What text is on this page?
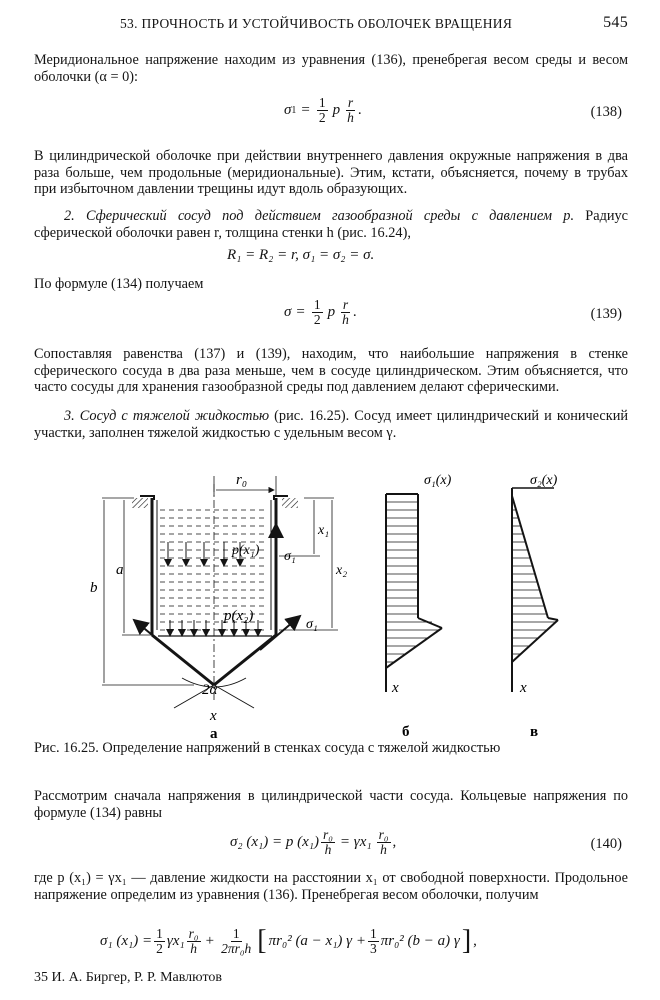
53. ПРОЧНОСТЬ И УСТОЙЧИВОСТЬ ОБОЛОЧЕК ВРАЩЕНИЯ	545

Меридиональное напряжение находим из уравнения (136), пренебрегая весом среды и весом оболочки (α = 0):

σ $1 = \frac{1}{2}$ p $\frac{r}{h}$ .	(138)

В цилиндрической оболочке при действии внутреннего давления окружные напряжения в два раза больше, чем продольные (меридиональные). Этим, кстати, объясняется, почему в трубах при избыточном давлении трещины идут вдоль образующих.

2. Сферический сосуд под действием газообразной среды с давлением p. Радиус сферической оболочки равен r, толщина стенки h (рис. 16.24),

R₁ = R₂ = r, σ₁ = σ₂ = σ.

По формуле (134) получаем

$\sigma = \frac{1}{2}$ p $\frac{r}{h}$ .	(139)

Сопоставляя равенства (137) и (139), находим, что наибольшие напряжения в стенке сферического сосуда в два раза меньше, чем в сосуде цилиндрическом. Этим объясняется, что часто сосуды для хранения газообразной среды под давлением делают сферическими.

3. Сосуд с тяжелой жидкостью (рис. 16.25). Сосуд имеет цилиндрический и конический участки, заполнен тяжелой жидкостью с удельным весом γ.

r₀
a
b
x₁
x₂
p(x₁)
p(x₂)
σ₁
σ₁
2α
x
а
σ₁(x)
x
б
σ₂(x)
x
в
Рис. 16.25. Определение напряжений в стенках сосуда с тяжелой жидкостью

Рассмотрим сначала напряжения в цилиндрической части сосуда. Кольцевые напряжения по формуле (134) равны

σ₂ (x₁) = p $(x_1) \frac{\text{r₀}}{h} = \gamma x_1 \frac{\text{r₀}}{h}$ ,	(140)

где p (x₁) = γx₁ — давление жидкости на расстоянии x₁ от свободной поверхности. Продольное напряжение определим из уравнения (136). Пренебрегая весом оболочки, получим

σ₁ $(x_1) = \frac{1}{2} \gamma x_1 \frac{\text{r₀}}{h} + \frac{1}{\text{2πr₀h}}$ [ πr₀² (a − x₁) $\gamma + \frac{1}{3} \pi r_0^2$ (b − a) γ ] ,
35 И. А. Биргер, Р. Р. Мавлютов
